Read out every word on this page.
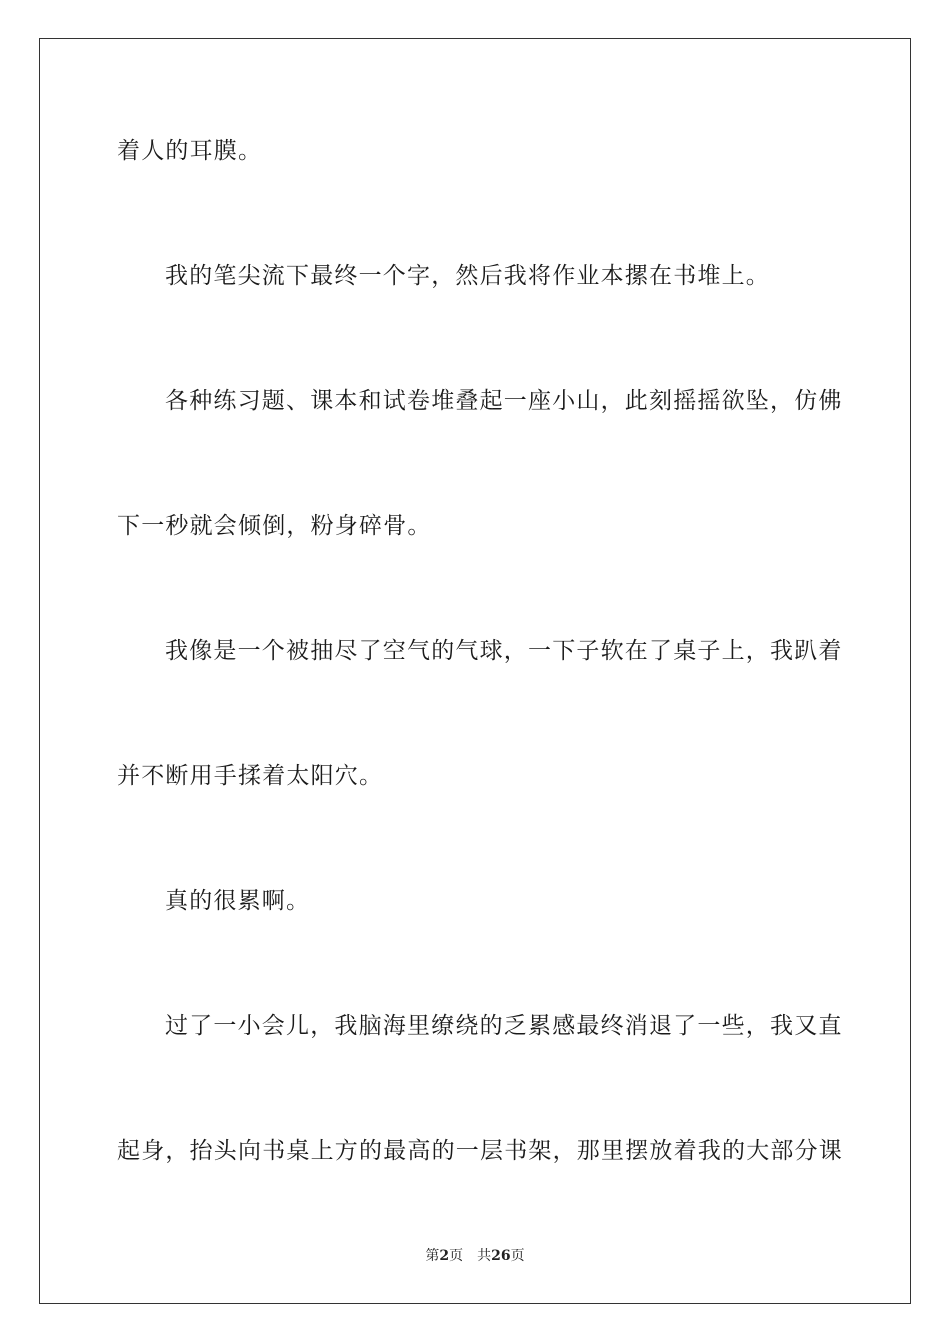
着人的耳膜。
我的笔尖流下最终一个字，然后我将作业本摞在书堆上。
各种练习题、课本和试卷堆叠起一座小山，此刻摇摇欲坠，仿佛
下一秒就会倾倒，粉身碎骨。
我像是一个被抽尽了空气的气球，一下子软在了桌子上，我趴着
并不断用手揉着太阳穴。
真的很累啊。
过了一小会儿，我脑海里缭绕的乏累感最终消退了一些，我又直
起身，抬头向书桌上方的最高的一层书架，那里摆放着我的大部分课
第2页 共26页
